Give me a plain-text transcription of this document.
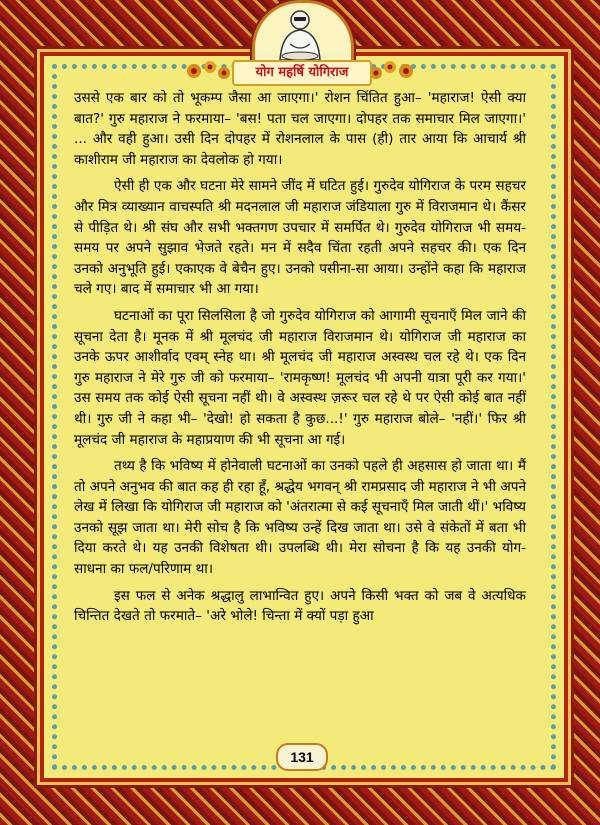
योग महर्षि योगिराज

उससे एक बार को तो भूकम्प जैसा आ जाएगा।' रोशन चिंतित हुआ– 'महाराज! ऐसी क्या बात?' गुरु महाराज ने फरमाया– 'बस! पता चल जाएगा। दोपहर तक समाचार मिल जाएगा।' ... और वही हुआ। उसी दिन दोपहर में रोशनलाल के पास (ही) तार आया कि आचार्य श्री काशीराम जी महाराज का देवलोक हो गया।

ऐसी ही एक और घटना मेरे सामने जींद में घटित हुई। गुरुदेव योगिराज के परम सहचर और मित्र व्याख्यान वाचस्पति श्री मदनलाल जी महाराज जंडियाला गुरु में विराजमान थे। कैंसर से पीड़ित थे। श्री संघ और सभी भक्तगण उपचार में समर्पित थे। गुरुदेव योगिराज भी समय-समय पर अपने सुझाव भेजते रहते। मन में सदैव चिंता रहती अपने सहचर की। एक दिन उनको अनुभूति हुई। एकाएक वे बेचैन हुए। उनको पसीना-सा आया। उन्होंने कहा कि महाराज चले गए। बाद में समाचार भी आ गया।

घटनाओं का पूरा सिलसिला है जो गुरुदेव योगिराज को आगामी सूचनाएँ मिल जाने की सूचना देता है। मूनक में श्री मूलचंद जी महाराज विराजमान थे। योगिराज जी महाराज का उनके ऊपर आशीर्वाद एवम् स्नेह था। श्री मूलचंद जी महाराज अस्वस्थ चल रहे थे। एक दिन गुरु महाराज ने मेरे गुरु जी को फरमाया– 'रामकृष्ण! मूलचंद भी अपनी यात्रा पूरी कर गया।' उस समय तक कोई ऐसी सूचना नहीं थी। वे अस्वस्थ ज़रूर चल रहे थे पर ऐसी कोई बात नहीं थी। गुरु जी ने कहा भी– 'देखो! हो सकता है कुछ...!' गुरु महाराज बोले– 'नहीं।' फिर श्री मूलचंद जी महाराज के महाप्रयाण की भी सूचना आ गई।

तथ्य है कि भविष्य में होनेवाली घटनाओं का उनको पहले ही अहसास हो जाता था। मैं तो अपने अनुभव की बात कह ही रहा हूँ, श्रद्धेय भगवन् श्री रामप्रसाद जी महाराज ने भी अपने लेख में लिखा कि योगिराज जी महाराज को 'अंतरात्मा से कई सूचनाएँ मिल जाती थीं।' भविष्य उनको सूझ जाता था। मेरी सोच है कि भविष्य उन्हें दिख जाता था। उसे वे संकेतों में बता भी दिया करते थे। यह उनकी विशेषता थी। उपलब्धि थी। मेरा सोचना है कि यह उनकी योग-साधना का फल/परिणाम था।

इस फल से अनेक श्रद्धालु लाभान्वित हुए। अपने किसी भक्त को जब वे अत्यधिक चिन्तित देखते तो फरमाते– 'अरे भोले! चिन्ता में क्यों पड़ा हुआ

131
